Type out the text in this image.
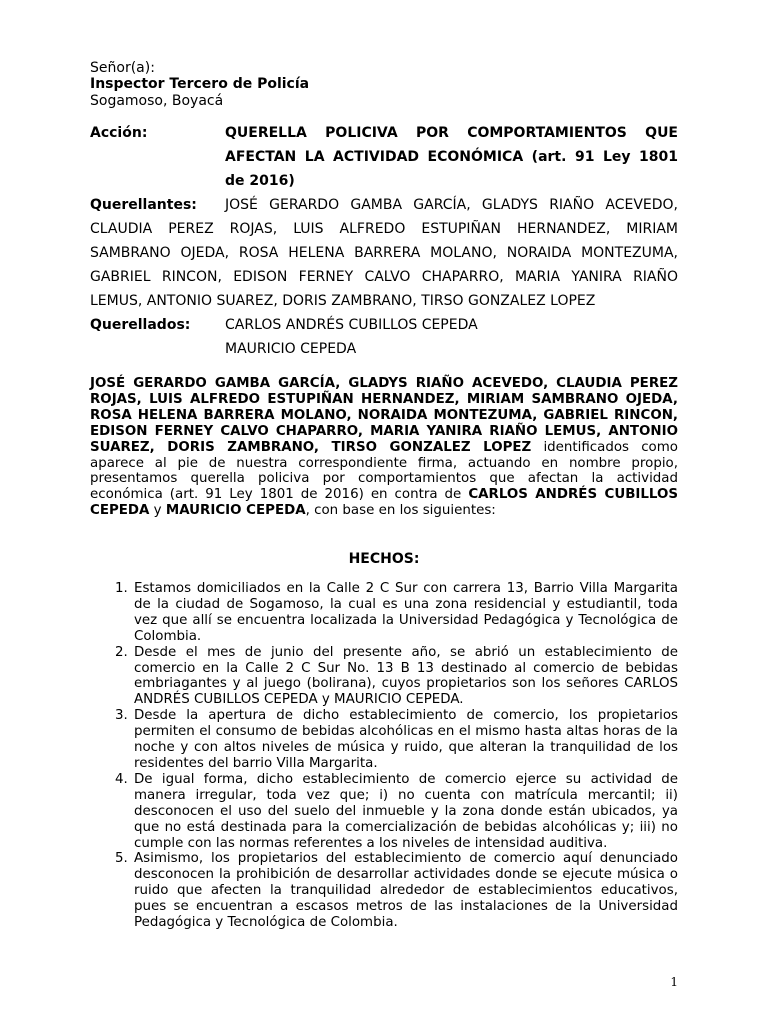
Señor(a):
Inspector Tercero de Policía
Sogamoso, Boyacá
Acción:	QUERELLA POLICIVA POR COMPORTAMIENTOS QUE
AFECTAN LA ACTIVIDAD ECONÓMICA (art. 91 Ley 1801
de 2016)
Querellantes: JOSÉ GERARDO GAMBA GARCÍA, GLADYS RIAÑO ACEVEDO,
CLAUDIA PEREZ ROJAS, LUIS ALFREDO ESTUPIÑAN HERNANDEZ, MIRIAM
SAMBRANO OJEDA, ROSA HELENA BARRERA MOLANO, NORAIDA MONTEZUMA,
GABRIEL RINCON, EDISON FERNEY CALVO CHAPARRO, MARIA YANIRA RIAÑO
LEMUS, ANTONIO SUAREZ, DORIS ZAMBRANO, TIRSO GONZALEZ LOPEZ
Querellados: CARLOS ANDRÉS CUBILLOS CEPEDA
MAURICIO CEPEDA

JOSÉ GERARDO GAMBA GARCÍA, GLADYS RIAÑO ACEVEDO, CLAUDIA PEREZ ROJAS, LUIS ALFREDO ESTUPIÑAN HERNANDEZ, MIRIAM SAMBRANO OJEDA, ROSA HELENA BARRERA MOLANO, NORAIDA MONTEZUMA, GABRIEL RINCON, EDISON FERNEY CALVO CHAPARRO, MARIA YANIRA RIAÑO LEMUS, ANTONIO SUAREZ, DORIS ZAMBRANO, TIRSO GONZALEZ LOPEZ identificados como aparece al pie de nuestra correspondiente firma, actuando en nombre propio, presentamos querella policiva por comportamientos que afectan la actividad económica (art. 91 Ley 1801 de 2016) en contra de CARLOS ANDRÉS CUBILLOS CEPEDA y MAURICIO CEPEDA, con base en los siguientes:

HECHOS:
1. Estamos domiciliados en la Calle 2 C Sur con carrera 13, Barrio Villa Margarita de la ciudad de Sogamoso, la cual es una zona residencial y estudiantil, toda vez que allí se encuentra localizada la Universidad Pedagógica y Tecnológica de Colombia.
2. Desde el mes de junio del presente año, se abrió un establecimiento de comercio en la Calle 2 C Sur No. 13 B 13 destinado al comercio de bebidas embriagantes y al juego (bolirana), cuyos propietarios son los señores CARLOS ANDRÉS CUBILLOS CEPEDA y MAURICIO CEPEDA.
3. Desde la apertura de dicho establecimiento de comercio, los propietarios permiten el consumo de bebidas alcohólicas en el mismo hasta altas horas de la noche y con altos niveles de música y ruido, que alteran la tranquilidad de los residentes del barrio Villa Margarita.
4. De igual forma, dicho establecimiento de comercio ejerce su actividad de manera irregular, toda vez que; i) no cuenta con matrícula mercantil; ii) desconocen el uso del suelo del inmueble y la zona donde están ubicados, ya que no está destinada para la comercialización de bebidas alcohólicas y; iii) no cumple con las normas referentes a los niveles de intensidad auditiva.
5. Asimismo, los propietarios del establecimiento de comercio aquí denunciado desconocen la prohibición de desarrollar actividades donde se ejecute música o ruido que afecten la tranquilidad alrededor de establecimientos educativos, pues se encuentran a escasos metros de las instalaciones de la Universidad Pedagógica y Tecnológica de Colombia.
1
